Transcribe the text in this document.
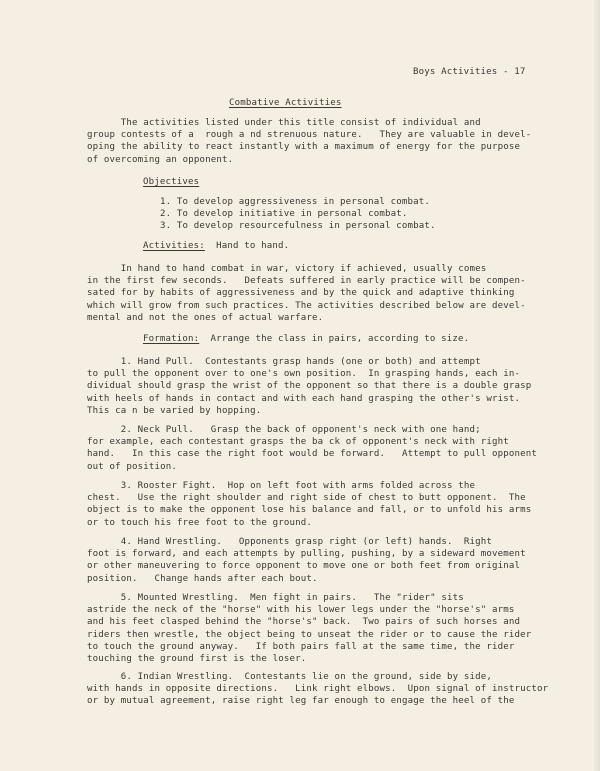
Boys Activities - 17
Combative Activities
The activities listed under this title consist of individual and
group contests of a  rough a nd strenuous nature.   They are valuable in devel-
oping the ability to react instantly with a maximum of energy for the purpose
of overcoming an opponent.
Objectives
1. To develop aggressiveness in personal combat.
2. To develop initiative in personal combat.
3. To develop resourcefulness in personal combat.
Activities:  Hand to hand.
In hand to hand combat in war, victory if achieved, usually comes
in the first few seconds.   Defeats suffered in early practice will be compen-
sated for by habits of aggressiveness and by the quick and adaptive thinking
which will grow from such practices. The activities described below are devel-
mental and not the ones of actual warfare.
Formation:  Arrange the class in pairs, according to size.
1. Hand Pull.  Contestants grasp hands (one or both) and attempt
to pull the opponent over to one's own position.  In grasping hands, each in-
dividual should grasp the wrist of the opponent so that there is a double grasp
with heels of hands in contact and with each hand grasping the other's wrist.
This ca n be varied by hopping.
2. Neck Pull.   Grasp the back of opponent's neck with one hand;
for example, each contestant grasps the ba ck of opponent's neck with right
hand.   In this case the right foot would be forward.   Attempt to pull opponent
out of position.
3. Rooster Fight.  Hop on left foot with arms folded across the
chest.   Use the right shoulder and right side of chest to butt opponent.  The
object is to make the opponent lose his balance and fall, or to unfold his arms
or to touch his free foot to the ground.
4. Hand Wrestling.   Opponents grasp right (or left) hands.  Right
foot is forward, and each attempts by pulling, pushing, by a sideward movement
or other maneuvering to force opponent to move one or both feet from original
position.   Change hands after each bout.
5. Mounted Wrestling.  Men fight in pairs.   The "rider" sits
astride the neck of the "horse" with his lower legs under the "horse's" arms
and his feet clasped behind the "horse's" back.  Two pairs of such horses and
riders then wrestle, the object being to unseat the rider or to cause the rider
to touch the ground anyway.   If both pairs fall at the same time, the rider
touching the ground first is the loser.
6. Indian Wrestling.  Contestants lie on the ground, side by side,
with hands in opposite directions.   Link right elbows.  Upon signal of instructor
or by mutual agreement, raise right leg far enough to engage the heel of the
